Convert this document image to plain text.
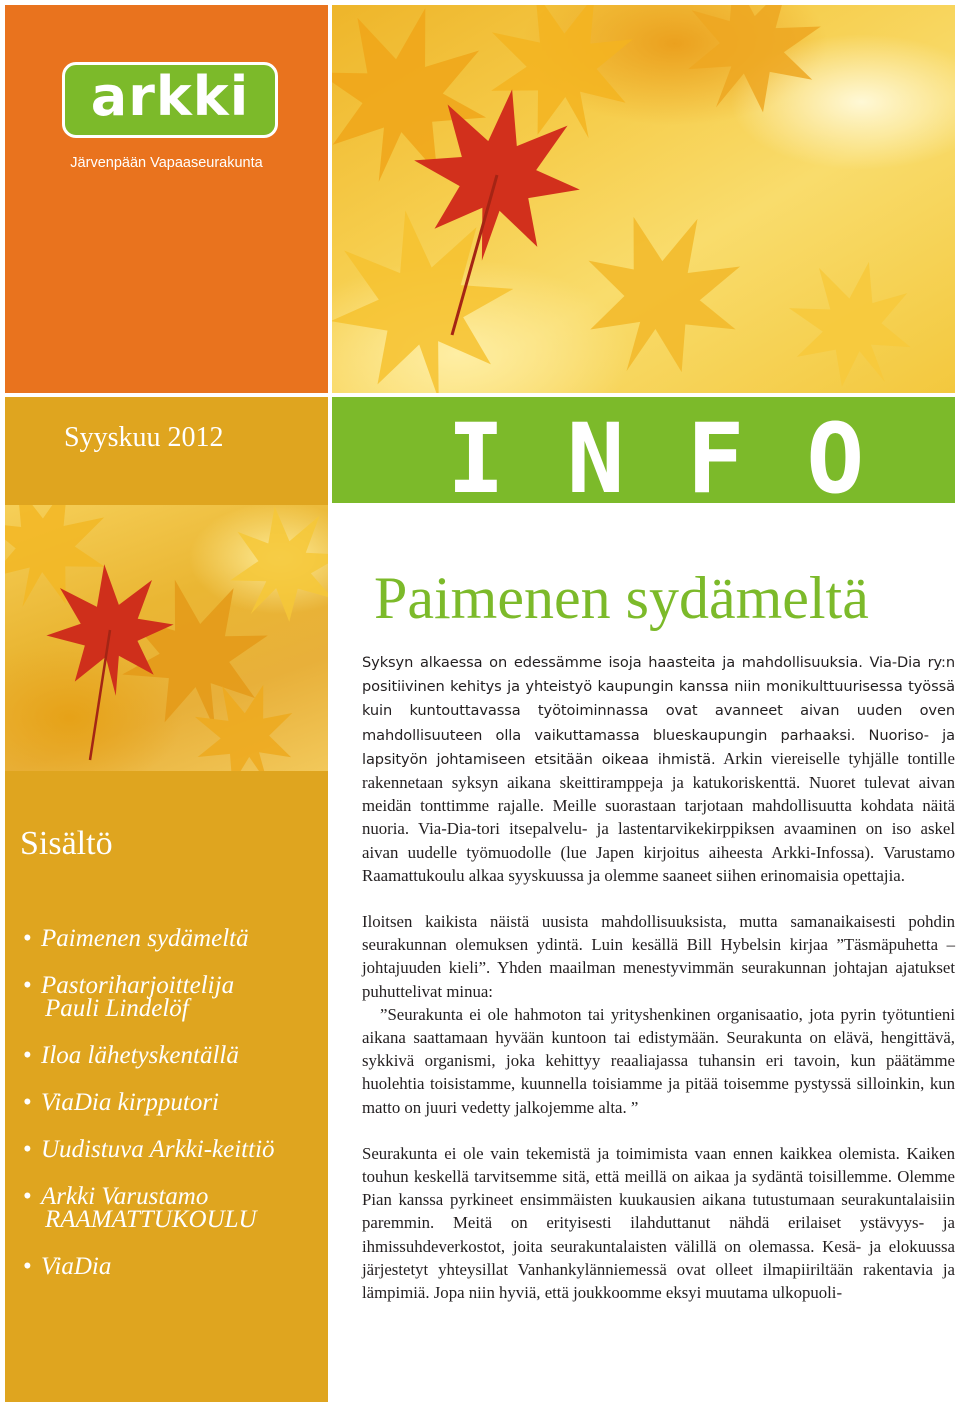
arkki
Järvenpään Vapaaseurakunta
Syyskuu 2012
Sisältö
• Paimenen sydämeltä
• Pastoriharjoittelija
Pauli Lindelöf
• Iloa lähetyskentällä
• ViaDia kirpputori
• Uudistuva Arkki-keittiö
• Arkki Varustamo
RAAMATTUKOULU
• ViaDia
INFO
Paimenen sydämeltä

Syksyn alkaessa on edessämme isoja haasteita ja mahdollisuuksia. Via-Dia ry:n positiivinen kehitys ja yhteistyö kaupungin kanssa niin monikulttuurisessa työssä kuin kuntouttavassa työtoiminnassa ovat avanneet aivan uuden oven mahdollisuuteen olla vaikuttamassa blueskaupungin parhaaksi. Nuoriso- ja lapsityön johtamiseen etsitään oikeaa ihmistä. Arkin viereiselle tyhjälle tontille rakennetaan syksyn aikana skeittiramppeja ja katukoriskenttä. Nuoret tulevat aivan meidän tonttimme rajalle. Meille suorastaan tarjotaan mahdollisuutta kohdata näitä nuoria. Via-Dia-tori itsepalvelu- ja lastentarvikekirppiksen avaaminen on iso askel aivan uudelle työmuodolle (lue Japen kirjoitus aiheesta Arkki-Infossa). Varustamo Raamattukoulu alkaa syyskuussa ja olemme saaneet siihen erinomaisia opettajia.

Iloitsen kaikista näistä uusista mahdollisuuksista, mutta samanaikaisesti pohdin seurakunnan olemuksen ydintä. Luin kesällä Bill Hybelsin kirjaa ”Täsmäpuhetta – johtajuuden kieli”. Yhden maailman menestyvimmän seurakunnan johtajan ajatukset puhuttelivat minua:
”Seurakunta ei ole hahmoton tai yrityshenkinen organisaatio, jota pyrin työtuntieni aikana saattamaan hyvään kuntoon tai edistymään. Seurakunta on elävä, hengittävä, sykkivä organismi, joka kehittyy reaaliajassa tuhansin eri tavoin, kun päätämme huolehtia toisistamme, kuunnella toisiamme ja pitää toisemme pystyssä silloinkin, kun matto on juuri vedetty jalkojemme alta. ”

Seurakunta ei ole vain tekemistä ja toimimista vaan ennen kaikkea olemista. Kaiken touhun keskellä tarvitsemme sitä, että meillä on aikaa ja sydäntä toisillemme. Olemme Pian kanssa pyrkineet ensimmäisten kuukausien aikana tutustumaan seurakuntalaisiin paremmin. Meitä on erityisesti ilahduttanut nähdä erilaiset ystävyys- ja ihmissuhdeverkostot, joita seurakuntalaisten välillä on olemassa. Kesä- ja elokuussa järjestetyt yhteysillat Vanhankylänniemessä ovat olleet ilmapiiriltään rakentavia ja lämpimiä. Jopa niin hyviä, että joukkoomme eksyi muutama ulkopuoli-
